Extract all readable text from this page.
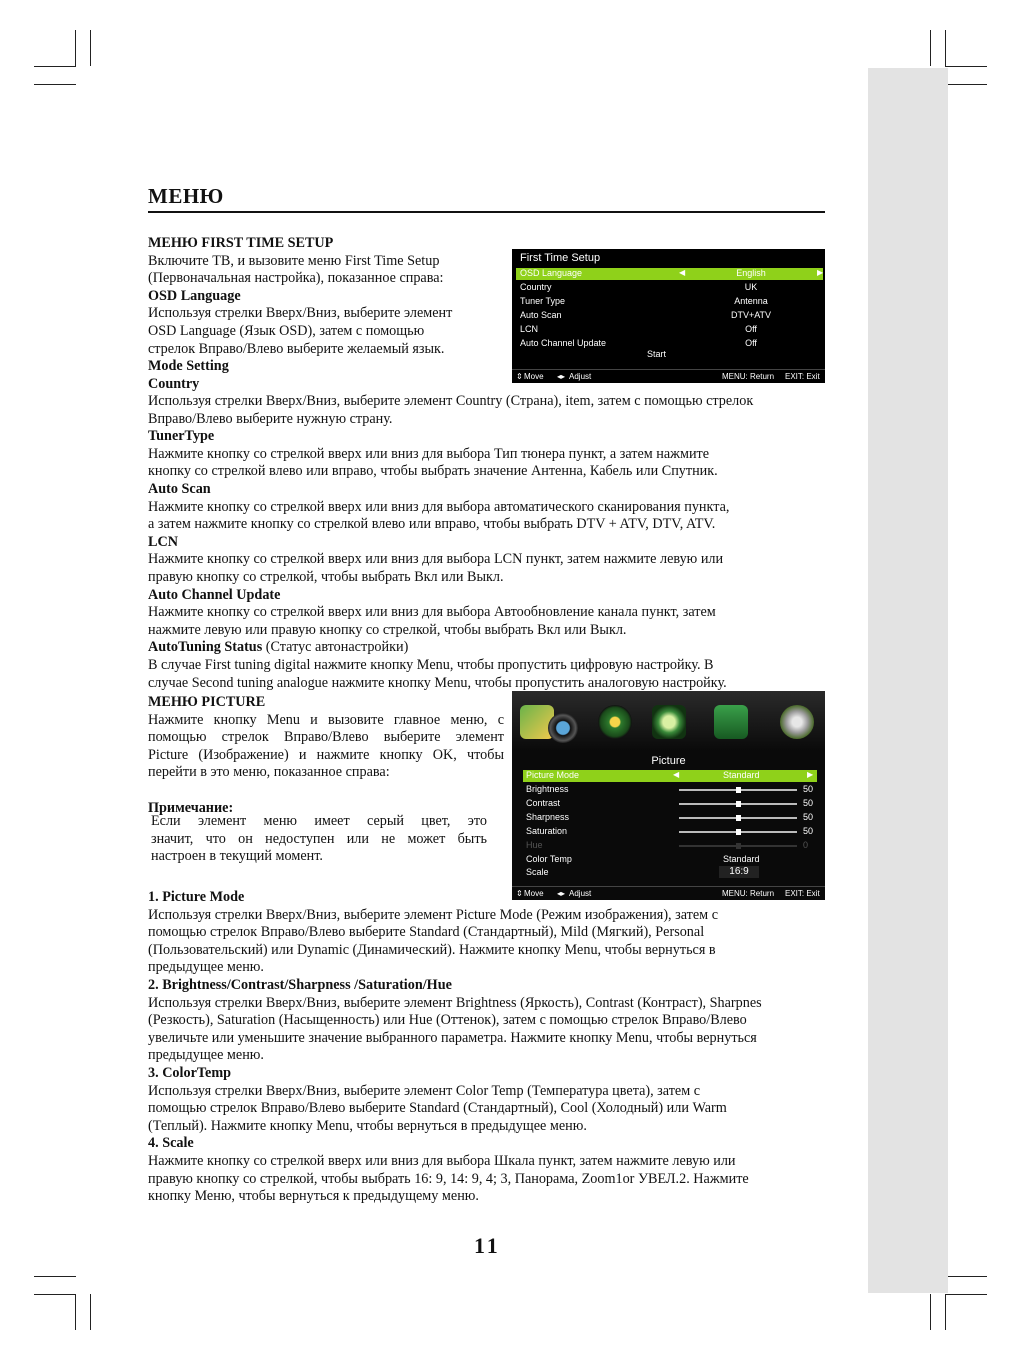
МЕНЮ

МЕНЮ FIRST TIME SETUP

Включите ТВ, и вызовите меню First Time Setup

(Первоначальная настройка), показанное справа:

OSD Language

Используя стрелки Вверх/Вниз, выберите элемент

OSD Language (Язык OSD), затем с помощью

стрелок Вправо/Влево выберите желаемый язык.

Mode Setting

Country

Используя стрелки Вверх/Вниз, выберите элемент Country (Страна), item, затем с помощью стрелок

Вправо/Влево выберите нужную страну.

TunerType

Нажмите кнопку со стрелкой вверх или вниз для выбора Тип тюнера пункт, а затем нажмите

кнопку со стрелкой влево или вправо, чтобы выбрать значение Антенна, Кабель или Спутник.

Auto Scan

Нажмите кнопку со стрелкой вверх или вниз для выбора автоматического сканирования пункта,

а затем нажмите кнопку со стрелкой влево или вправо, чтобы выбрать DTV + ATV, DTV, ATV.

LCN

Нажмите кнопку со стрелкой вверх или вниз для выбора LCN пункт, затем нажмите левую или

правую кнопку со стрелкой, чтобы выбрать Вкл или Выкл.

Auto Channel Update

Нажмите кнопку со стрелкой вверх или вниз для выбора Автообновление канала пункт, затем

нажмите левую или правую кнопку со стрелкой, чтобы выбрать Вкл или Выкл.

AutoTuning Status (Статус автонастройки)

В случае First tuning digital нажмите кнопку Menu, чтобы пропустить цифровую настройку. В

случае Second tuning analogue нажмите кнопку Menu, чтобы пропустить аналоговую настройку.

МЕНЮ PICTURE

Нажмите кнопку Menu и вызовите главное меню, с

помощью стрелок Вправо/Влево выберите элемент

Picture (Изображение) и нажмите кнопку OK, чтобы

перейти в это меню, показанное справа:

Примечание:

Если элемент меню имеет серый цвет, это

значит, что он недоступен или не может быть

настроен в текущий момент.

1. Picture Mode

Используя стрелки Вверх/Вниз, выберите элемент Picture Mode (Режим изображения), затем с

помощью стрелок Вправо/Влево выберите Standard (Стандартный), Mild (Мягкий), Personal

(Пользовательский) или Dynamic (Динамический). Нажмите кнопку Menu, чтобы вернуться в

предыдущее меню.

2. Brightness/Contrast/Sharpness /Saturation/Hue

Используя стрелки Вверх/Вниз, выберите элемент Brightness (Яркость), Contrast (Контраст), Sharpnes

(Резкость), Saturation (Насыщенность) или Hue (Оттенок), затем с помощью стрелок Вправо/Влево

увеличьте или уменьшите значение выбранного параметра. Нажмите кнопку Menu, чтобы вернуться

предыдущее меню.

3. ColorTemp

Используя стрелки Вверх/Вниз, выберите элемент Color Temp (Температура цвета), затем с

помощью стрелок Вправо/Влево выберите Standard (Стандартный), Cool (Холодный) или Warm

(Теплый). Нажмите кнопку Menu, чтобы вернуться в предыдущее меню.

4. Scale

Нажмите кнопку со стрелкой вверх или вниз для выбора Шкала пункт, затем нажмите левую или

правую кнопку со стрелкой, чтобы выбрать 16: 9, 14: 9, 4; 3, Панорама, Zoom1or УВЕЛ.2. Нажмите

кнопку Меню, чтобы вернуться к предыдущему меню.

First Time Setup
OSD Language	◀	English	▶
Country	UK
Tuner Type	Antenna
Auto Scan	DTV+ATV
LCN	Off
Auto Channel Update	Off
Start
⇕ Move ◂▸ Adjust	MENU: Return EXIT: Exit
Picture
Picture Mode	◀	Standard	▶
Brightness	50
Contrast	50
Sharpness	50
Saturation	50
Hue	0
Color Temp	Standard
Scale	16:9
⇕ Move ◂▸ Adjust	MENU: Return EXIT: Exit
11
